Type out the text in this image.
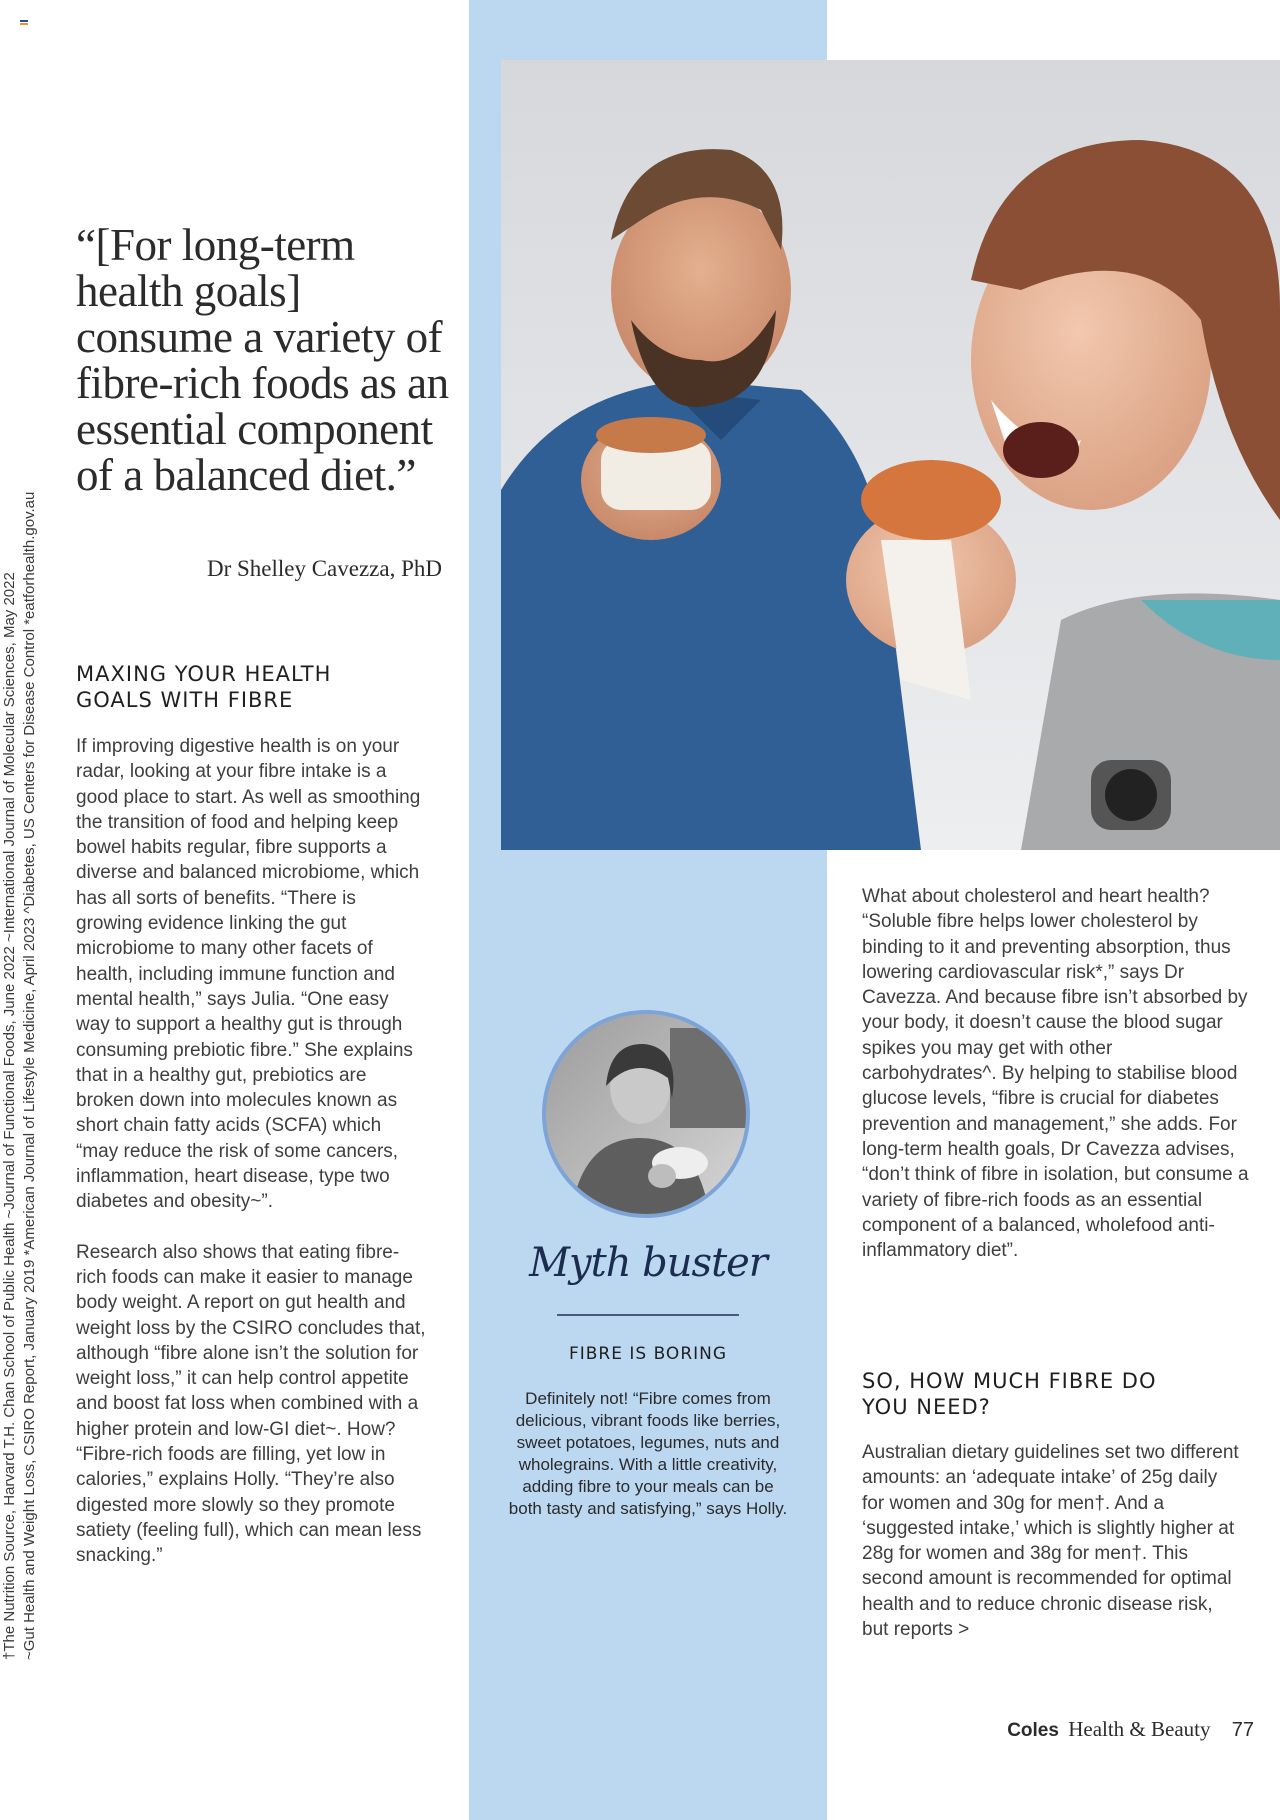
†The Nutrition Source, Harvard T.H. Chan School of Public Health ~Journal of Functional Foods, June 2022 ~International Journal of Molecular Sciences, May 2022 ~Gut Health and Weight Loss, CSIRO Report, January 2019 *American Journal of Lifestyle Medicine, April 2023 ^Diabetes, US Centers for Disease Control *eatforhealth.gov.au
“[For long-term health goals] consume a variety of fibre-rich foods as an essential component of a balanced diet.”
Dr Shelley Cavezza, PhD
MAXING YOUR HEALTH GOALS WITH FIBRE

If improving digestive health is on your radar, looking at your fibre intake is a good place to start. As well as smoothing the transition of food and helping keep bowel habits regular, fibre supports a diverse and balanced microbiome, which has all sorts of benefits. “There is growing evidence linking the gut microbiome to many other facets of health, including immune function and mental health,” says Julia. “One easy way to support a healthy gut is through consuming prebiotic fibre.” She explains that in a healthy gut, prebiotics are broken down into molecules known as short chain fatty acids (SCFA) which “may reduce the risk of some cancers, inflammation, heart disease, type two diabetes and obesity~”.

Research also shows that eating fibre-rich foods can make it easier to manage body weight. A report on gut health and weight loss by the CSIRO concludes that, although “fibre alone isn’t the solution for weight loss,” it can help control appetite and boost fat loss when combined with a higher protein and low-GI diet~. How? “Fibre-rich foods are filling, yet low in calories,” explains Holly. “They’re also digested more slowly so they promote satiety (feeling full), which can mean less snacking.”

What about cholesterol and heart health? “Soluble fibre helps lower cholesterol by binding to it and preventing absorption, thus lowering cardiovascular risk*,” says Dr Cavezza. And because fibre isn’t absorbed by your body, it doesn’t cause the blood sugar spikes you may get with other carbohydrates^. By helping to stabilise blood glucose levels, “fibre is crucial for diabetes prevention and management,” she adds. For long-term health goals, Dr Cavezza advises, “don’t think of fibre in isolation, but consume a variety of fibre-rich foods as an essential component of a balanced, wholefood anti-inflammatory diet”.

SO, HOW MUCH FIBRE DO YOU NEED?

Australian dietary guidelines set two different amounts: an ‘adequate intake’ of 25g daily for women and 30g for men†. And a ‘suggested intake,’ which is slightly higher at 28g for women and 38g for men†. This second amount is recommended for optimal health and to reduce chronic disease risk, but reports >

Myth buster
FIBRE IS BORING
Definitely not! “Fibre comes from delicious, vibrant foods like berries, sweet potatoes, legumes, nuts and wholegrains. With a little creativity, adding fibre to your meals can be both tasty and satisfying,” says Holly.
Coles Health & Beauty 77
